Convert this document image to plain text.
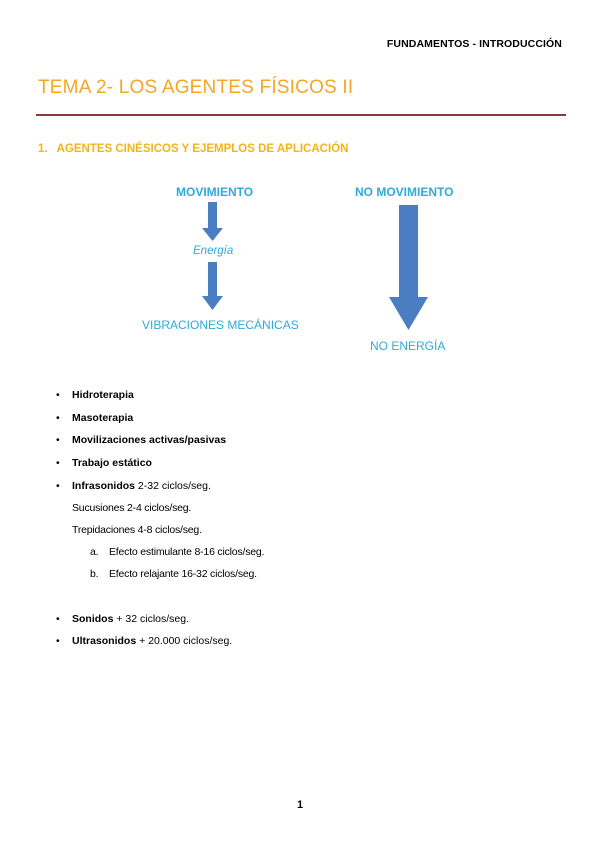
FUNDAMENTOS - INTRODUCCIÓN
TEMA 2- LOS AGENTES FÍSICOS II
1. AGENTES CINÉSICOS Y EJEMPLOS DE APLICACIÓN
MOVIMIENTO
Energía
VIBRACIONES MECÁNICAS
NO MOVIMIENTO
NO ENERGÍA
• Hidroterapia
• Masoterapia
• Movilizaciones activas/pasivas
• Trabajo estático
• Infrasonidos 2-32 ciclos/seg.
Sucusiones 2-4 ciclos/seg.
Trepidaciones 4-8 ciclos/seg.
a. Efecto estimulante 8-16 ciclos/seg.
b. Efecto relajante 16-32 ciclos/seg.
• Sonidos + 32 ciclos/seg.
• Ultrasonidos + 20.000 ciclos/seg.
1
